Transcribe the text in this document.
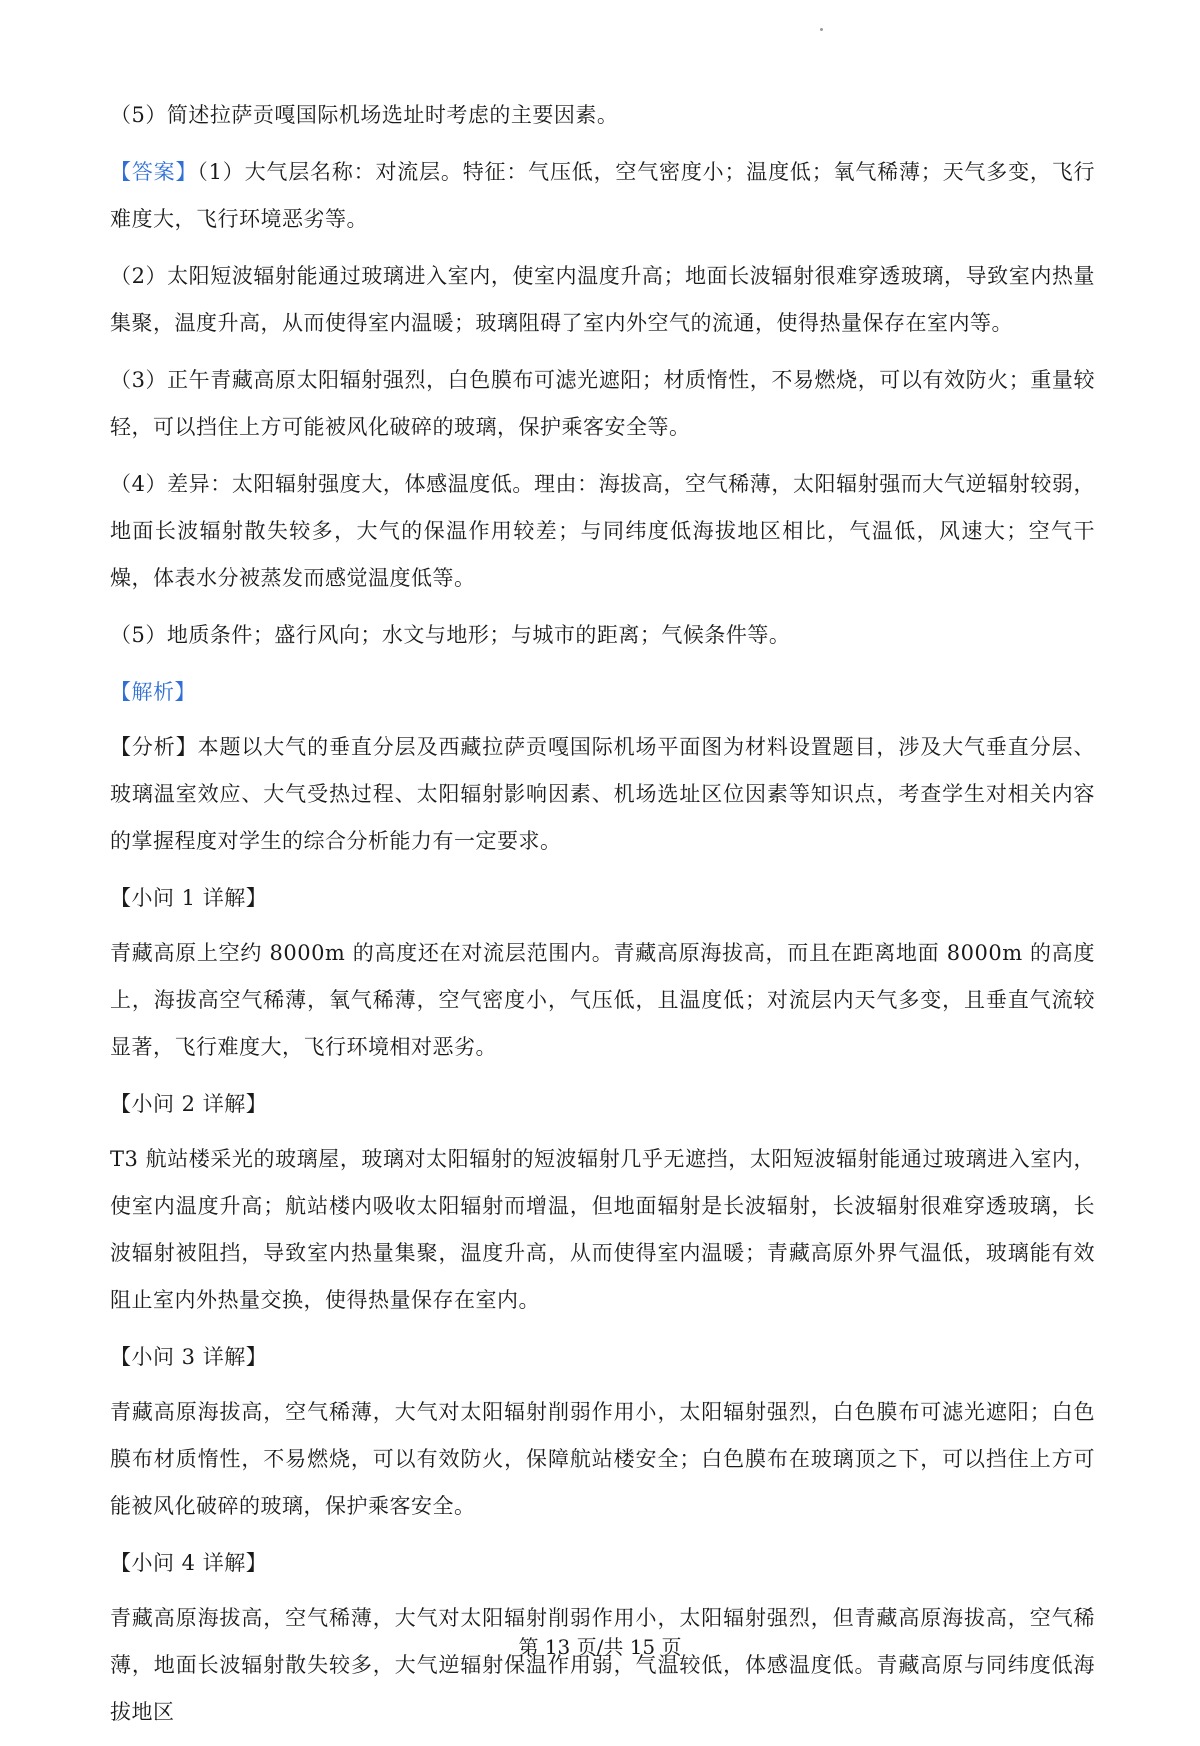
（5）简述拉萨贡嘎国际机场选址时考虑的主要因素。

【答案】（1）大气层名称：对流层。特征：气压低，空气密度小；温度低；氧气稀薄；天气多变，飞行难度大，飞行环境恶劣等。

（2）太阳短波辐射能通过玻璃进入室内，使室内温度升高；地面长波辐射很难穿透玻璃，导致室内热量集聚，温度升高，从而使得室内温暖；玻璃阻碍了室内外空气的流通，使得热量保存在室内等。

（3）正午青藏高原太阳辐射强烈，白色膜布可滤光遮阳；材质惰性，不易燃烧，可以有效防火；重量较轻，可以挡住上方可能被风化破碎的玻璃，保护乘客安全等。

（4）差异：太阳辐射强度大，体感温度低。理由：海拔高，空气稀薄，太阳辐射强而大气逆辐射较弱，地面长波辐射散失较多，大气的保温作用较差；与同纬度低海拔地区相比，气温低，风速大；空气干燥，体表水分被蒸发而感觉温度低等。

（5）地质条件；盛行风向；水文与地形；与城市的距离；气候条件等。

【解析】

【分析】本题以大气的垂直分层及西藏拉萨贡嘎国际机场平面图为材料设置题目，涉及大气垂直分层、玻璃温室效应、大气受热过程、太阳辐射影响因素、机场选址区位因素等知识点，考查学生对相关内容的掌握程度对学生的综合分析能力有一定要求。

【小问 1 详解】

青藏高原上空约 8000m 的高度还在对流层范围内。青藏高原海拔高，而且在距离地面 8000m 的高度上，海拔高空气稀薄，氧气稀薄，空气密度小，气压低，且温度低；对流层内天气多变，且垂直气流较显著，飞行难度大，飞行环境相对恶劣。

【小问 2 详解】

T3 航站楼采光的玻璃屋，玻璃对太阳辐射的短波辐射几乎无遮挡，太阳短波辐射能通过玻璃进入室内，使室内温度升高；航站楼内吸收太阳辐射而增温，但地面辐射是长波辐射，长波辐射很难穿透玻璃，长波辐射被阻挡，导致室内热量集聚，温度升高，从而使得室内温暖；青藏高原外界气温低，玻璃能有效阻止室内外热量交换，使得热量保存在室内。

【小问 3 详解】

青藏高原海拔高，空气稀薄，大气对太阳辐射削弱作用小，太阳辐射强烈，白色膜布可滤光遮阳；白色膜布材质惰性，不易燃烧，可以有效防火，保障航站楼安全；白色膜布在玻璃顶之下，可以挡住上方可能被风化破碎的玻璃，保护乘客安全。

【小问 4 详解】

青藏高原海拔高，空气稀薄，大气对太阳辐射削弱作用小，太阳辐射强烈，但青藏高原海拔高，空气稀薄，地面长波辐射散失较多，大气逆辐射保温作用弱，气温较低，体感温度低。青藏高原与同纬度低海拔地区

第 13 页/共 15 页
